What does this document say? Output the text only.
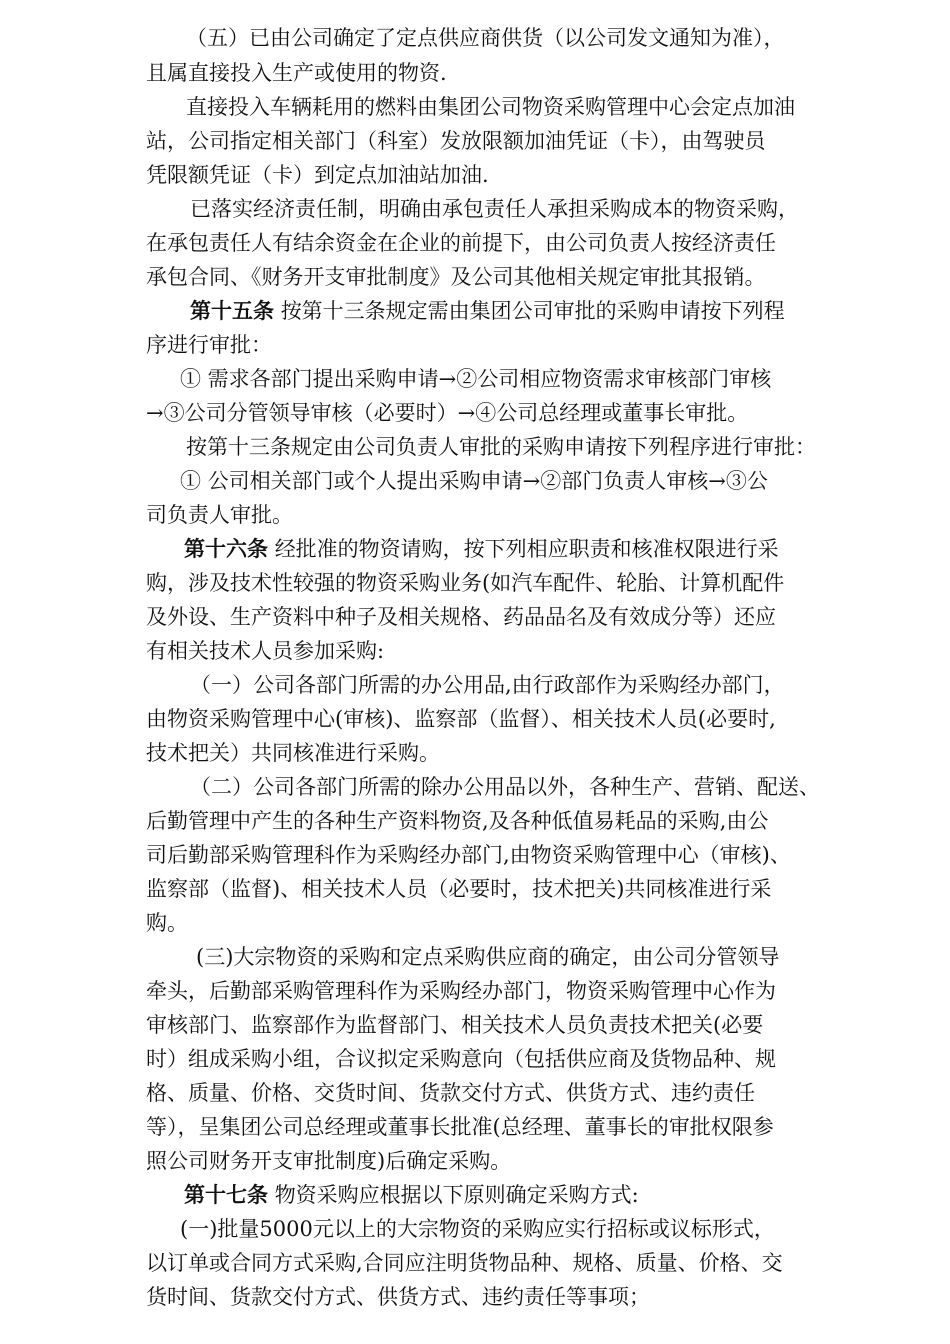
（五）已由公司确定了定点供应商供货（以公司发文通知为准），
且属直接投入生产或使用的物资.
直接投入车辆耗用的燃料由集团公司物资采购管理中心会定点加油
站，公司指定相关部门（科室）发放限额加油凭证（卡），由驾驶员
凭限额凭证（卡）到定点加油站加油.
已落实经济责任制，明确由承包责任人承担采购成本的物资采购，
在承包责任人有结余资金在企业的前提下，由公司负责人按经济责任
承包合同、《财务开支审批制度》及公司其他相关规定审批其报销。
第十五条 按第十三条规定需由集团公司审批的采购申请按下列程
序进行审批：
① 需求各部门提出采购申请→②公司相应物资需求审核部门审核
→③公司分管领导审核（必要时）→④公司总经理或董事长审批。
按第十三条规定由公司负责人审批的采购申请按下列程序进行审批：
① 公司相关部门或个人提出采购申请→②部门负责人审核→③公
司负责人审批。
第十六条 经批准的物资请购，按下列相应职责和核准权限进行采
购，涉及技术性较强的物资采购业务(如汽车配件、轮胎、计算机配件
及外设、生产资料中种子及相关规格、药品品名及有效成分等）还应
有相关技术人员参加采购:
（一）公司各部门所需的办公用品,由行政部作为采购经办部门，
由物资采购管理中心(审核)、监察部（监督）、相关技术人员(必要时,
技术把关）共同核准进行采购。
（二）公司各部门所需的除办公用品以外，各种生产、营销、配送、
后勤管理中产生的各种生产资料物资,及各种低值易耗品的采购,由公
司后勤部采购管理科作为采购经办部门,由物资采购管理中心（审核)、
监察部（监督)、相关技术人员（必要时，技术把关)共同核准进行采
购。
(三)大宗物资的采购和定点采购供应商的确定，由公司分管领导
牵头，后勤部采购管理科作为采购经办部门，物资采购管理中心作为
审核部门、监察部作为监督部门、相关技术人员负责技术把关(必要
时）组成采购小组，合议拟定采购意向（包括供应商及货物品种、规
格、质量、价格、交货时间、货款交付方式、供货方式、违约责任
等），呈集团公司总经理或董事长批准(总经理、董事长的审批权限参
照公司财务开支审批制度)后确定采购。
第十七条 物资采购应根据以下原则确定采购方式:
(一)批量5000元以上的大宗物资的采购应实行招标或议标形式，
以订单或合同方式采购,合同应注明货物品种、规格、质量、价格、交
货时间、货款交付方式、供货方式、违约责任等事项；
